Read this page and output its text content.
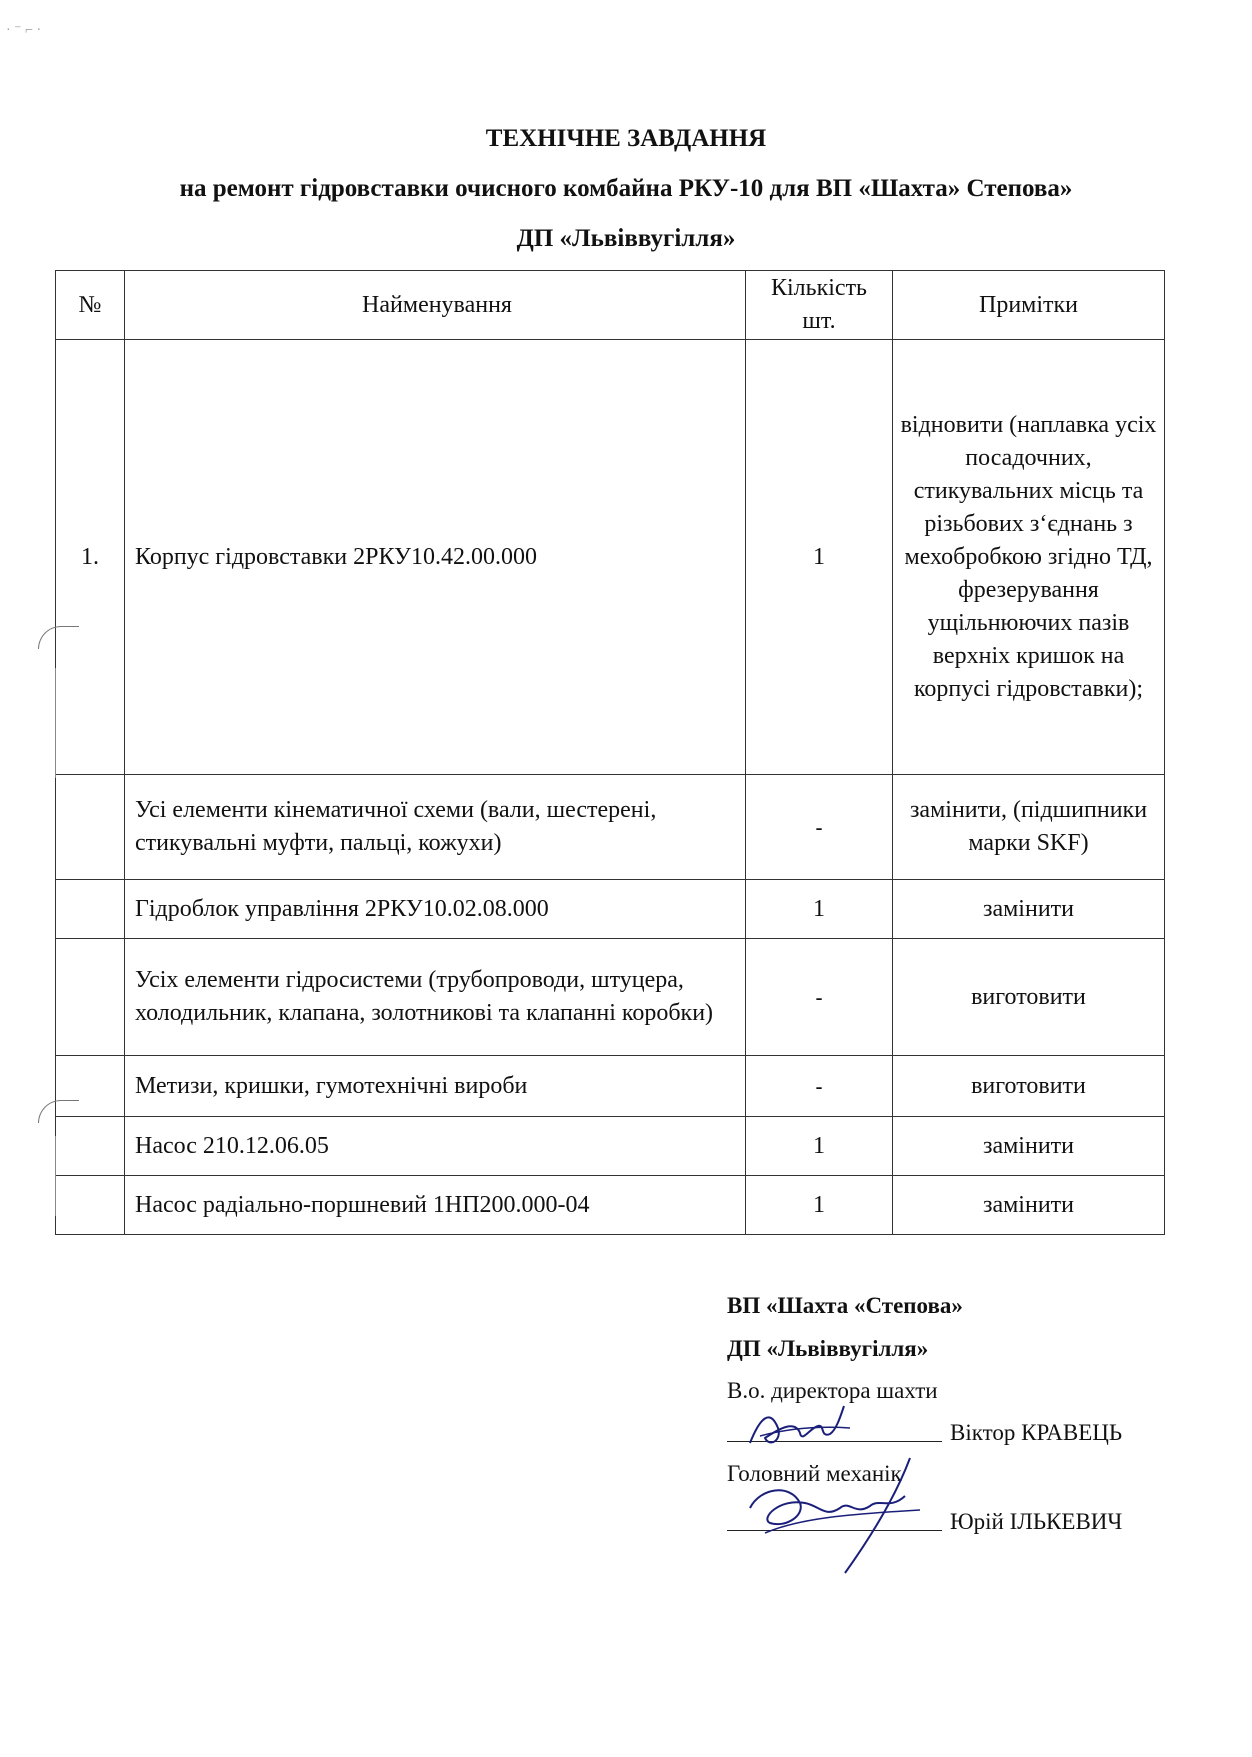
· ⁻ ⌐ ·
ТЕХНІЧНЕ ЗАВДАННЯ
на ремонт гідровставки очисного комбайна РКУ-10 для ВП «Шахта» Степова»
ДП «Львіввугілля»
№	Найменування	Кількість шт.	Примітки
1.	Корпус гідровставки 2РКУ10.42.00.000	1	відновити (наплавка усіх посадочних, стикувальних місць та різьбових з‘єднань з мехобробкою згідно ТД, фрезерування ущільнюючих пазів верхніх кришок на корпусі гідровставки);
	Усі елементи кінематичної схеми (вали, шестерені, стикувальні муфти, пальці, кожухи)	-	замінити, (підшипники марки SKF)
	Гідроблок управління 2РКУ10.02.08.000	1	замінити
	Усіх елементи гідросистеми (трубопроводи, штуцера, холодильник, клапана, золотникові та клапанні коробки)	-	виготовити
	Метизи, кришки, гумотехнічні вироби	-	виготовити
	Насос 210.12.06.05	1	замінити
	Насос радіально-поршневий 1НП200.000-04	1	замінити
ВП «Шахта «Степова»
ДП «Львіввугілля»
В.о. директора шахти
Віктор КРАВЕЦЬ
Головний механік
Юрій ІЛЬКЕВИЧ
